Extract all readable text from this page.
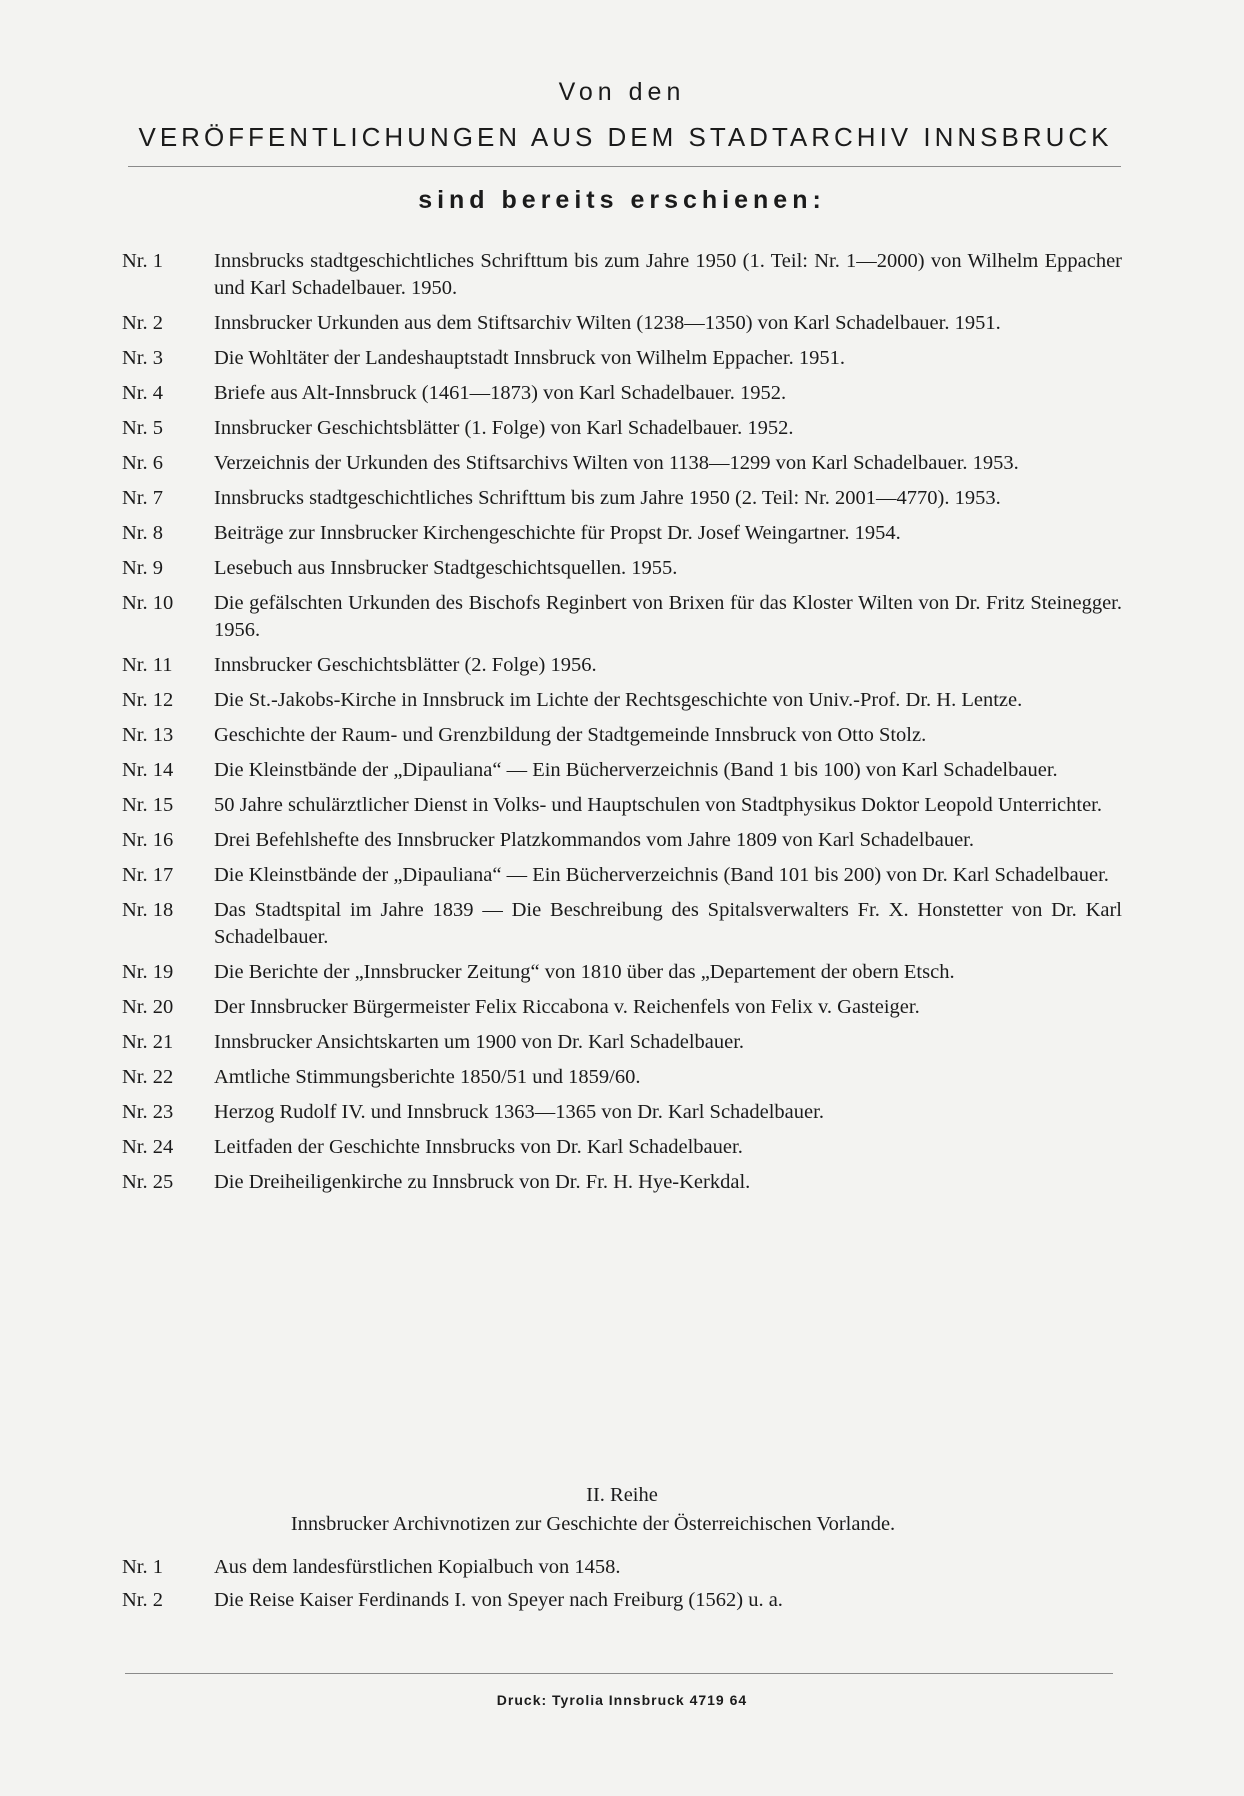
Von den
VERÖFFENTLICHUNGEN AUS DEM STADTARCHIV INNSBRUCK
sind bereits erschienen:
Nr. 1	Innsbrucks stadtgeschichtliches Schrifttum bis zum Jahre 1950 (1. Teil: Nr. 1—2000) von Wilhelm Eppacher und Karl Schadelbauer. 1950.
Nr. 2	Innsbrucker Urkunden aus dem Stiftsarchiv Wilten (1238—1350) von Karl Schadelbauer. 1951.
Nr. 3	Die Wohltäter der Landeshauptstadt Innsbruck von Wilhelm Eppacher. 1951.
Nr. 4	Briefe aus Alt-Innsbruck (1461—1873) von Karl Schadelbauer. 1952.
Nr. 5	Innsbrucker Geschichtsblätter (1. Folge) von Karl Schadelbauer. 1952.
Nr. 6	Verzeichnis der Urkunden des Stiftsarchivs Wilten von 1138—1299 von Karl Schadelbauer. 1953.
Nr. 7	Innsbrucks stadtgeschichtliches Schrifttum bis zum Jahre 1950 (2. Teil: Nr. 2001—4770). 1953.
Nr. 8	Beiträge zur Innsbrucker Kirchengeschichte für Propst Dr. Josef Weingartner. 1954.
Nr. 9	Lesebuch aus Innsbrucker Stadtgeschichtsquellen. 1955.
Nr. 10	Die gefälschten Urkunden des Bischofs Reginbert von Brixen für das Kloster Wilten von Dr. Fritz Steinegger. 1956.
Nr. 11	Innsbrucker Geschichtsblätter (2. Folge) 1956.
Nr. 12	Die St.-Jakobs-Kirche in Innsbruck im Lichte der Rechtsgeschichte von Univ.-Prof. Dr. H. Lentze.
Nr. 13	Geschichte der Raum- und Grenzbildung der Stadtgemeinde Innsbruck von Otto Stolz.
Nr. 14	Die Kleinstbände der „Dipauliana“ — Ein Bücherverzeichnis (Band 1 bis 100) von Karl Schadelbauer.
Nr. 15	50 Jahre schulärztlicher Dienst in Volks- und Hauptschulen von Stadtphysikus Doktor Leopold Unterrichter.
Nr. 16	Drei Befehlshefte des Innsbrucker Platzkommandos vom Jahre 1809 von Karl Schadelbauer.
Nr. 17	Die Kleinstbände der „Dipauliana“ — Ein Bücherverzeichnis (Band 101 bis 200) von Dr. Karl Schadelbauer.
Nr. 18	Das Stadtspital im Jahre 1839 — Die Beschreibung des Spitalsverwalters Fr. X. Honstetter von Dr. Karl Schadelbauer.
Nr. 19	Die Berichte der „Innsbrucker Zeitung“ von 1810 über das „Departement der obern Etsch.
Nr. 20	Der Innsbrucker Bürgermeister Felix Riccabona v. Reichenfels von Felix v. Gasteiger.
Nr. 21	Innsbrucker Ansichtskarten um 1900 von Dr. Karl Schadelbauer.
Nr. 22	Amtliche Stimmungsberichte 1850/51 und 1859/60.
Nr. 23	Herzog Rudolf IV. und Innsbruck 1363—1365 von Dr. Karl Schadelbauer.
Nr. 24	Leitfaden der Geschichte Innsbrucks von Dr. Karl Schadelbauer.
Nr. 25	Die Dreiheiligenkirche zu Innsbruck von Dr. Fr. H. Hye-Kerkdal.
II. Reihe
Innsbrucker Archivnotizen zur Geschichte der Österreichischen Vorlande.
Nr. 1	Aus dem landesfürstlichen Kopialbuch von 1458.
Nr. 2	Die Reise Kaiser Ferdinands I. von Speyer nach Freiburg (1562) u. a.
Druck: Tyrolia Innsbruck 4719 64
